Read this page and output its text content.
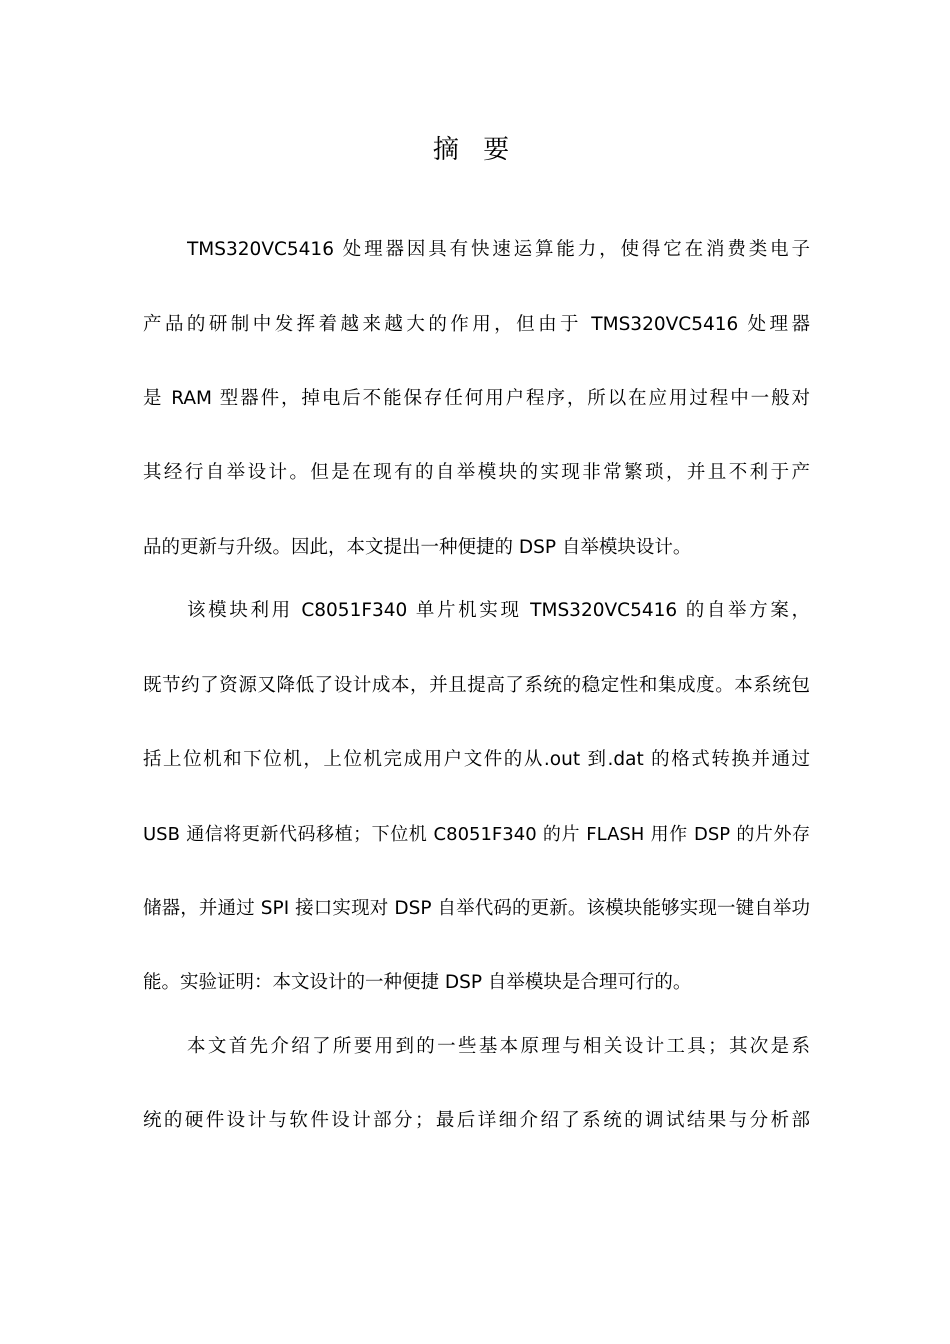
摘 要
TMS320VC5416 处理器因具有快速运算能力，使得它在消费类电子
产品的研制中发挥着越来越大的作用，但由于 TMS320VC5416 处理器
是 RAM 型器件，掉电后不能保存任何用户程序，所以在应用过程中一般对
其经行自举设计。但是在现有的自举模块的实现非常繁琐，并且不利于产
品的更新与升级。因此，本文提出一种便捷的 DSP 自举模块设计。
该模块利用 C8051F340 单片机实现 TMS320VC5416 的自举方案，
既节约了资源又降低了设计成本，并且提高了系统的稳定性和集成度。本系统包
括上位机和下位机，上位机完成用户文件的从.out 到.dat 的格式转换并通过
USB 通信将更新代码移植；下位机 C8051F340 的片 FLASH 用作 DSP 的片外存
储器，并通过 SPI 接口实现对 DSP 自举代码的更新。该模块能够实现一键自举功
能。实验证明：本文设计的一种便捷 DSP 自举模块是合理可行的。
本文首先介绍了所要用到的一些基本原理与相关设计工具；其次是系
统的硬件设计与软件设计部分；最后详细介绍了系统的调试结果与分析部
